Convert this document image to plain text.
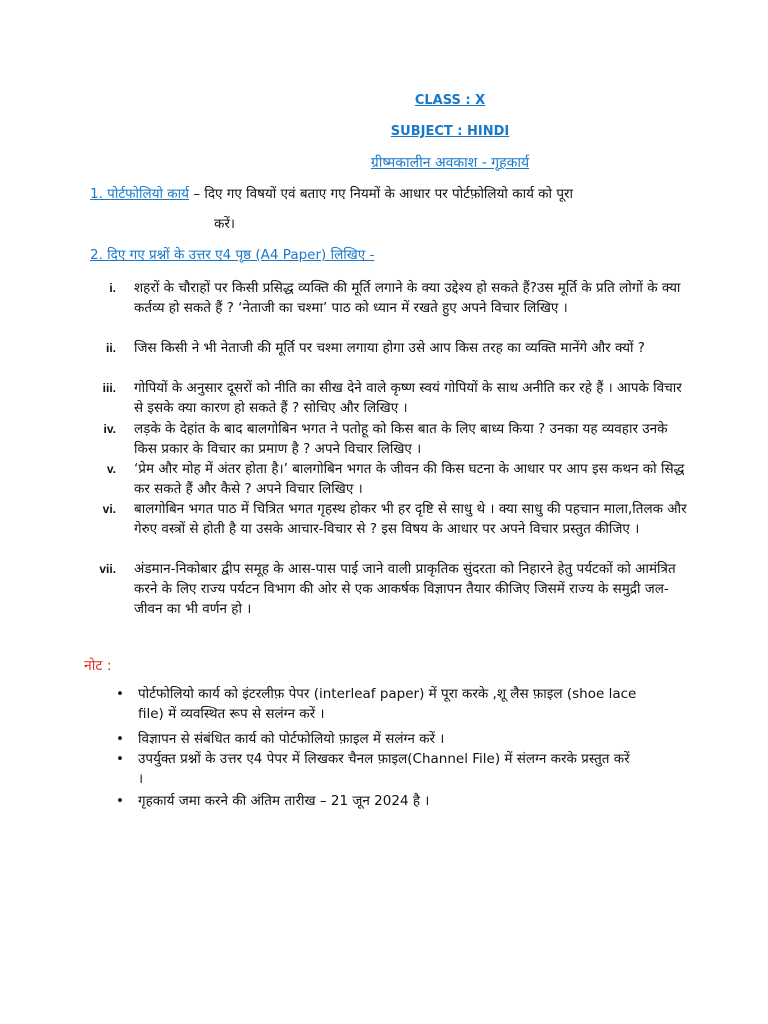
CLASS : X
SUBJECT : HINDI
ग्रीष्मकालीन अवकाश - गृहकार्य
1. पोर्टफोलियो कार्य – दिए गए विषयों एवं बताए गए नियमों के आधार पर पोर्टफ़ोलियो कार्य को पूरा
करें।
2. दिए गए प्रश्नों के उत्तर ए4 पृष्ठ (A4 Paper) लिखिए -
i. शहरों के चौराहों पर किसी प्रसिद्ध व्यक्ति की मूर्ति लगाने के क्या उद्देश्य हो सकते हैं?उस मूर्ति के प्रति लोगों के क्या कर्तव्य हो सकते हैं ? ‘नेताजी का चश्मा’ पाठ को ध्यान में रखते हुए अपने विचार लिखिए ।
ii. जिस किसी ने भी नेताजी की मूर्ति पर चश्मा लगाया होगा उसे आप किस तरह का व्यक्ति मानेंगे और क्यों ?
iii. गोपियों के अनुसार दूसरों को नीति का सीख देने वाले कृष्ण स्वयं गोपियों के साथ अनीति कर रहे हैं । आपके विचार से इसके क्या कारण हो सकते हैं ? सोचिए और लिखिए ।
iv. लड़के के देहांत के बाद बालगोबिन भगत ने पतोहू को किस बात के लिए बाध्य किया ? उनका यह व्यवहार उनके किस प्रकार के विचार का प्रमाण है ? अपने विचार लिखिए ।
v. ‘प्रेम और मोह में अंतर होता है।’ बालगोबिन भगत के जीवन की किस घटना के आधार पर आप इस कथन को सिद्ध कर सकते हैं और कैसे ? अपने विचार लिखिए ।
vi. बालगोबिन भगत पाठ में चित्रित भगत गृहस्थ होकर भी हर दृष्टि से साधु थे । क्या साधु की पहचान माला,तिलक और गेरुए वस्त्रों से होती है या उसके आचार-विचार से ? इस विषय के आधार पर अपने विचार प्रस्तुत कीजिए ।
vii. अंडमान-निकोबार द्वीप समूह के आस-पास पाई जाने वाली प्राकृतिक सुंदरता को निहारने हेतु पर्यटकों को आमंत्रित करने के लिए राज्य पर्यटन विभाग की ओर से एक आकर्षक विज्ञापन तैयार कीजिए जिसमें राज्य के समुद्री जल-जीवन का भी वर्णन हो ।
नोट :
• पोर्टफोलियो कार्य को इंटरलीफ़ पेपर (interleaf paper) में पूरा करके ,शू लैस फ़ाइल (shoe lace file) में व्यवस्थित रूप से सलंग्न करें ।
• विज्ञापन से संबंधित कार्य को पोर्टफोलियो फ़ाइल में सलंग्न करें ।
• उपर्युक्त प्रश्नों के उत्तर ए4 पेपर में लिखकर चैनल फ़ाइल(Channel File) में संलग्न करके प्रस्तुत करें ।
• गृहकार्य जमा करने की अंतिम तारीख – 21 जून 2024 है ।
